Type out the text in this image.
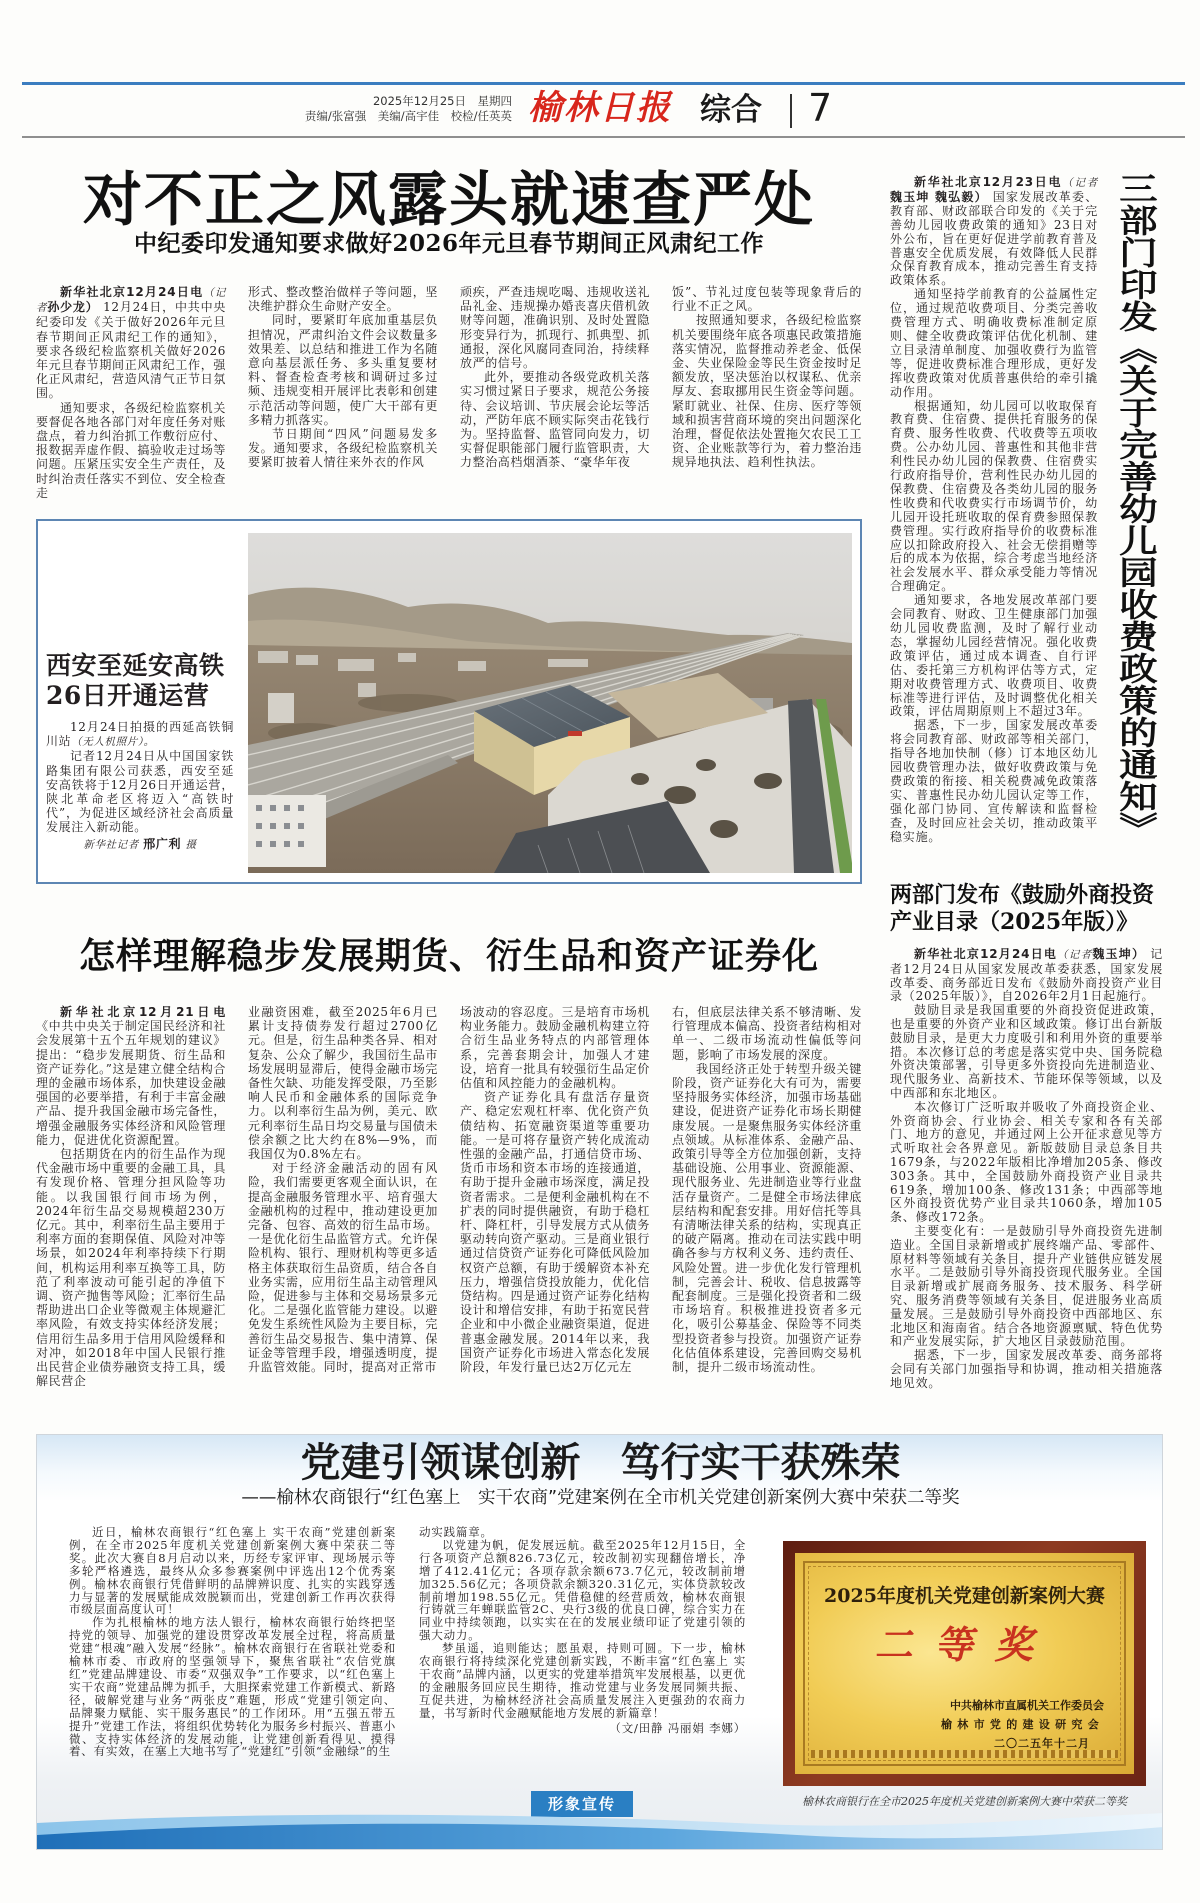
2025年12月25日　星期四
责编/张富强　美编/高宇佳　校检/任英英 榆林日报 综合 7
对不正之风露头就速查严处
中纪委印发通知要求做好2026年元旦春节期间正风肃纪工作

新华社北京12月24日电（记者孙少龙） 12月24日，中共中央纪委印发《关于做好2026年元旦春节期间正风肃纪工作的通知》，要求各级纪检监察机关做好2026年元旦春节期间正风肃纪工作，强化正风肃纪，营造风清气正节日氛围。

通知要求，各级纪检监察机关要督促各地各部门对年度任务对账盘点，着力纠治抓工作敷衍应付、报数据弄虚作假、搞验收走过场等问题。压紧压实安全生产责任，及时纠治责任落实不到位、安全检查走

形式、整改整治做样子等问题，坚决维护群众生命财产安全。

同时，要紧盯年底加重基层负担情况，严肃纠治文件会议数量多效果差、以总结和推进工作为名随意向基层派任务、多头重复要材料、督查检查考核和调研过多过频、违规变相开展评比表彰和创建示范活动等问题，使广大干部有更多精力抓落实。

节日期间“四风”问题易发多发。通知要求，各级纪检监察机关要紧盯披着人情往来外衣的作风

顽疾，严查违规吃喝、违规收送礼品礼金、违规操办婚丧喜庆借机敛财等问题，准确识别、及时处置隐形变异行为，抓现行、抓典型、抓通报，深化风腐同查同治，持续释放严的信号。

此外，要推动各级党政机关落实习惯过紧日子要求，规范公务接待、会议培训、节庆展会论坛等活动，严防年底不顾实际突击花钱行为。坚持监督、监管同向发力，切实督促职能部门履行监管职责，大力整治高档烟酒茶、“豪华年夜

饭”、节礼过度包装等现象背后的行业不正之风。

按照通知要求，各级纪检监察机关要围绕年底各项惠民政策措施落实情况，监督推动养老金、低保金、失业保险金等民生资金按时足额发放，坚决惩治以权谋私、优亲厚友、套取挪用民生资金等问题。紧盯就业、社保、住房、医疗等领域和损害营商环境的突出问题深化治理，督促依法处置拖欠农民工工资、企业账款等行为，着力整治违规异地执法、趋利性执法。

西安至延安高铁
26日开通运营

12月24日拍摄的西延高铁铜川站（无人机照片）。

记者12月24日从中国国家铁路集团有限公司获悉，西安至延安高铁将于12月26日开通运营，陕北革命老区将迈入“高铁时代”，为促进区域经济社会高质量发展注入新动能。

新华社记者 邢广利 摄

新华社北京12月23日电（记者魏玉坤 魏弘毅） 国家发展改革委、教育部、财政部联合印发的《关于完善幼儿园收费政策的通知》23日对外公布，旨在更好促进学前教育普及普惠安全优质发展，有效降低人民群众保育教育成本，推动完善生育支持政策体系。

通知坚持学前教育的公益属性定位，通过规范收费项目、分类完善收费管理方式、明确收费标准制定原则、健全收费政策评估优化机制、建立目录清单制度、加强收费行为监管等，促进收费标准合理形成，更好发挥收费政策对优质普惠供给的牵引撬动作用。

根据通知，幼儿园可以收取保育教育费、住宿费、提供托育服务的保育费、服务性收费、代收费等五项收费。公办幼儿园、普惠性和其他非营利性民办幼儿园的保教费、住宿费实行政府指导价，营利性民办幼儿园的保教费、住宿费及各类幼儿园的服务性收费和代收费实行市场调节价，幼儿园开设托班收取的保育费参照保教费管理。实行政府指导价的收费标准应以扣除政府投入、社会无偿捐赠等后的成本为依据，综合考虑当地经济社会发展水平、群众承受能力等情况合理确定。

通知要求，各地发展改革部门要会同教育、财政、卫生健康部门加强幼儿园收费监测，及时了解行业动态，掌握幼儿园经营情况。强化收费政策评估，通过成本调查、自行评估、委托第三方机构评估等方式，定期对收费管理方式、收费项目、收费标准等进行评估，及时调整优化相关政策，评估周期原则上不超过3年。

据悉，下一步，国家发展改革委将会同教育部、财政部等相关部门，指导各地加快制（修）订本地区幼儿园收费管理办法，做好收费政策与免费政策的衔接、相关税费减免政策落实、普惠性民办幼儿园认定等工作，强化部门协同、宣传解读和监督检查，及时回应社会关切，推动政策平稳实施。	三部门印发《关于完善幼儿园收费政策的通知》
两部门发布《鼓励外商投资
产业目录（2025年版）》

新华社北京12月24日电（记者魏玉坤） 记者12月24日从国家发展改革委获悉，国家发展改革委、商务部近日发布《鼓励外商投资产业目录（2025年版）》，自2026年2月1日起施行。

鼓励目录是我国重要的外商投资促进政策，也是重要的外资产业和区域政策。修订出台新版鼓励目录，是更大力度吸引和利用外资的重要举措。本次修订总的考虑是落实党中央、国务院稳外资决策部署，引导更多外资投向先进制造业、现代服务业、高新技术、节能环保等领域，以及中西部和东北地区。

本次修订广泛听取并吸收了外商投资企业、外资商协会、行业协会、相关专家和各有关部门、地方的意见，并通过网上公开征求意见等方式听取社会各界意见。新版鼓励目录总条目共1679条，与2022年版相比净增加205条、修改303条。其中，全国鼓励外商投资产业目录共619条，增加100条、修改131条；中西部等地区外商投资优势产业目录共1060条，增加105条、修改172条。

主要变化有：一是鼓励引导外商投资先进制造业。全国目录新增或扩展终端产品、零部件、原材料等领域有关条目，提升产业链供应链发展水平。二是鼓励引导外商投资现代服务业。全国目录新增或扩展商务服务、技术服务、科学研究、服务消费等领域有关条目，促进服务业高质量发展。三是鼓励引导外商投资中西部地区、东北地区和海南省。结合各地资源禀赋、特色优势和产业发展实际，扩大地区目录鼓励范围。

据悉，下一步，国家发展改革委、商务部将会同有关部门加强指导和协调，推动相关措施落地见效。

怎样理解稳步发展期货、衍生品和资产证券化

新华社北京12月21日电 《中共中央关于制定国民经济和社会发展第十五个五年规划的建议》提出：“稳步发展期货、衍生品和资产证券化。”这是建立健全结构合理的金融市场体系，加快建设金融强国的必要举措，有利于丰富金融产品、提升我国金融市场完备性，增强金融服务实体经济和风险管理能力，促进优化资源配置。

包括期货在内的衍生品作为现代金融市场中重要的金融工具，具有发现价格、管理分担风险等功能。以我国银行间市场为例，2024年衍生品交易规模超230万亿元。其中，利率衍生品主要用于利率方面的套期保值、风险对冲等场景，如2024年利率持续下行期间，机构运用利率互换等工具，防范了利率波动可能引起的净值下调、资产抛售等风险；汇率衍生品帮助进出口企业等微观主体规避汇率风险，有效支持实体经济发展；信用衍生品多用于信用风险缓释和对冲，如2018年中国人民银行推出民营企业债券融资支持工具，缓解民营企

业融资困难，截至2025年6月已累计支持债券发行超过2700亿元。但是，衍生品种类各异、相对复杂、公众了解少，我国衍生品市场发展明显滞后，使得金融市场完备性欠缺、功能发挥受限，乃至影响人民币和金融体系的国际竞争力。以利率衍生品为例，美元、欧元利率衍生品日均交易量与国债未偿余额之比大约在8%—9%，而我国仅为0.8%左右。

对于经济金融活动的固有风险，我们需要更客观全面认识，在提高金融服务管理水平、培育强大金融机构的过程中，推动建设更加完备、包容、高效的衍生品市场。一是优化衍生品监管方式。允许保险机构、银行、理财机构等更多适格主体获取衍生品资质，结合各自业务实需，应用衍生品主动管理风险，促进参与主体和交易场景多元化。二是强化监管能力建设。以避免发生系统性风险为主要目标，完善衍生品交易报告、集中清算、保证金等管理手段，增强透明度，提升监管效能。同时，提高对正常市

场波动的容忍度。三是培育市场机构业务能力。鼓励金融机构建立符合衍生品业务特点的内部管理体系，完善套期会计，加强人才建设，培育一批具有较强衍生品定价估值和风控能力的金融机构。

资产证券化具有盘活存量资产、稳定宏观杠杆率、优化资产负债结构、拓宽融资渠道等重要功能。一是可将存量资产转化成流动性强的金融产品，打通信贷市场、货币市场和资本市场的连接通道，有助于提升金融市场深度，满足投资者需求。二是便利金融机构在不扩表的同时提供融资，有助于稳杠杆、降杠杆，引导发展方式从债务驱动转向资产驱动。三是商业银行通过信贷资产证券化可降低风险加权资产总额，有助于缓解资本补充压力，增强信贷投放能力，优化信贷结构。四是通过资产证券化结构设计和增信安排，有助于拓宽民营企业和中小微企业融资渠道，促进普惠金融发展。2014年以来，我国资产证券化市场进入常态化发展阶段，年发行量已达2万亿元左

右，但底层法律关系不够清晰、发行管理成本偏高、投资者结构相对单一、二级市场流动性偏低等问题，影响了市场发展的深度。

我国经济正处于转型升级关键阶段，资产证券化大有可为，需要坚持服务实体经济，加强市场基础建设，促进资产证券化市场长期健康发展。一是聚焦服务实体经济重点领域。从标准体系、金融产品、政策引导等全方位加强创新，支持基础设施、公用事业、资源能源、现代服务业、先进制造业等行业盘活存量资产。二是健全市场法律底层结构和配套安排。用好信托等具有清晰法律关系的结构，实现真正的破产隔离。推动在司法实践中明确各参与方权利义务、违约责任、风险处置。进一步优化发行管理机制，完善会计、税收、信息披露等配套制度。三是强化投资者和二级市场培育。积极推进投资者多元化，吸引公募基金、保险等不同类型投资者参与投资。加强资产证券化估值体系建设，完善回购交易机制，提升二级市场流动性。

党建引领谋创新　笃行实干获殊荣
——榆林农商银行“红色塞上　实干农商”党建案例在全市机关党建创新案例大赛中荣获二等奖

近日，榆林农商银行“红色塞上 实干农商”党建创新案例，在全市2025年度机关党建创新案例大赛中荣获二等奖。此次大赛自8月启动以来，历经专家评审、现场展示等多轮严格遴选，最终从众多参赛案例中评选出12个优秀案例。榆林农商银行凭借鲜明的品牌辨识度、扎实的实践穿透力与显著的发展赋能成效脱颖而出，党建创新工作再次获得市级层面高度认可！

作为扎根榆林的地方法人银行，榆林农商银行始终把坚持党的领导、加强党的建设贯穿改革发展全过程，将高质量党建“根魂”融入发展“经脉”。榆林农商银行在省联社党委和榆林市委、市政府的坚强领导下，聚焦省联社“农信党旗红”党建品牌建设、市委“双强双争”工作要求，以“红色塞上 实干农商”党建品牌为抓手，大胆探索党建工作新模式、新路径，破解党建与业务“两张皮”难题，形成“党建引领定向、品牌聚力赋能、实干服务惠民”的工作闭环。用“五强五带五提升”党建工作法，将组织优势转化为服务乡村振兴、普惠小微、支持实体经济的发展动能，让党建创新看得见、摸得着、有实效，在塞上大地书写了“党建红”引领“金融绿”的生

动实践篇章。

以党建为帆，促发展远航。截至2025年12月15日，全行各项资产总额826.73亿元，较改制初实现翻倍增长，净增了412.41亿元；各项存款余额673.7亿元，较改制前增加325.56亿元；各项贷款余额320.31亿元，实体贷款较改制前增加198.55亿元。凭借稳健的经营质效，榆林农商银行铸就三年蝉联监管2C、央行3级的优良口碑，综合实力在同业中持续领跑，以实实在在的发展业绩印证了党建引领的强大动力。

梦虽遥，追则能达；愿虽艰，持则可圆。下一步，榆林农商银行将持续深化党建创新实践，不断丰富“红色塞上 实干农商”品牌内涵，以更实的党建举措筑牢发展根基，以更优的金融服务回应民生期待，推动党建与业务发展同频共振、互促共进，为榆林经济社会高质量发展注入更强劲的农商力量，书写新时代金融赋能地方发展的新篇章！

（文/田静 冯丽娟 李娜）
形象宣传
2025年度机关党建创新案例大赛
二等奖
中共榆林市直属机关工作委员会
榆林市党的建设研究会
二〇二五年十二月
榆林农商银行在全市2025年度机关党建创新案例大赛中荣获二等奖
